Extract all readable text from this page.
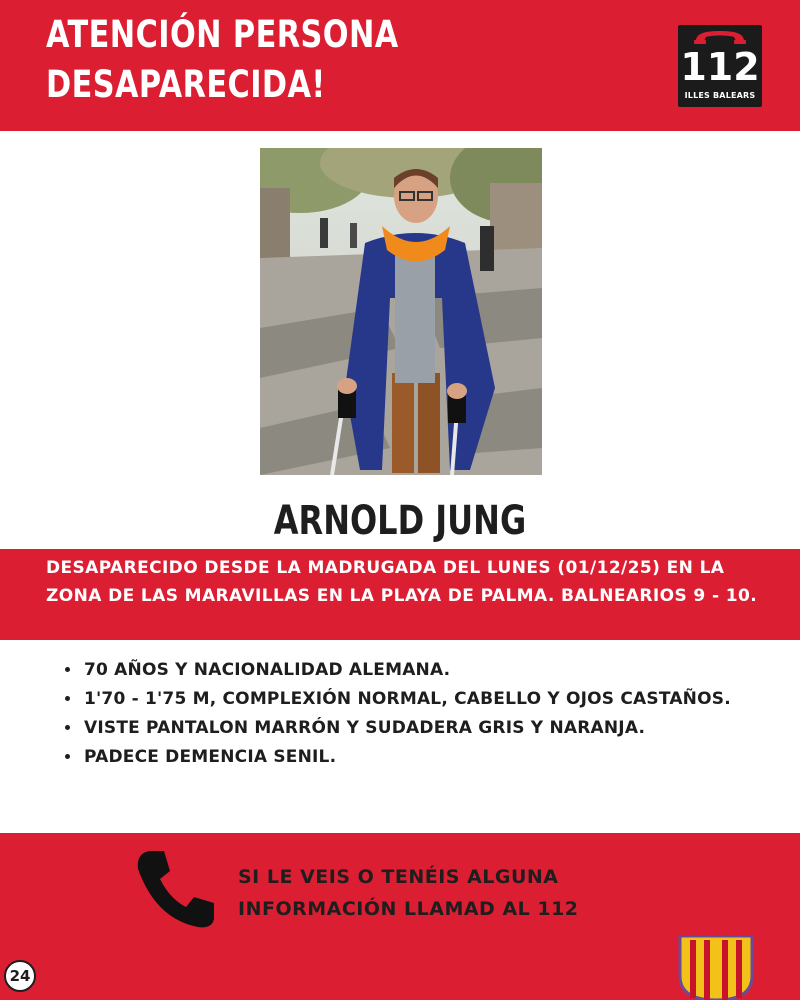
ATENCIÓN PERSONA
DESAPARECIDA!	112
ILLES BALEARS
ARNOLD JUNG

DESAPARECIDO DESDE LA MADRUGADA DEL LUNES (01/12/25) EN LA ZONA DE LAS MARAVILLAS EN LA PLAYA DE PALMA. BALNEARIOS 9 - 10.

• 70 AÑOS Y NACIONALIDAD ALEMANA.
• 1'70 - 1'75 M, COMPLEXIÓN NORMAL, CABELLO Y OJOS CASTAÑOS.
• VISTE PANTALON MARRÓN Y SUDADERA GRIS Y NARANJA.
• PADECE DEMENCIA SENIL.

SI LE VEIS O TENÉIS ALGUNA
INFORMACIÓN LLAMAD AL 112

24
